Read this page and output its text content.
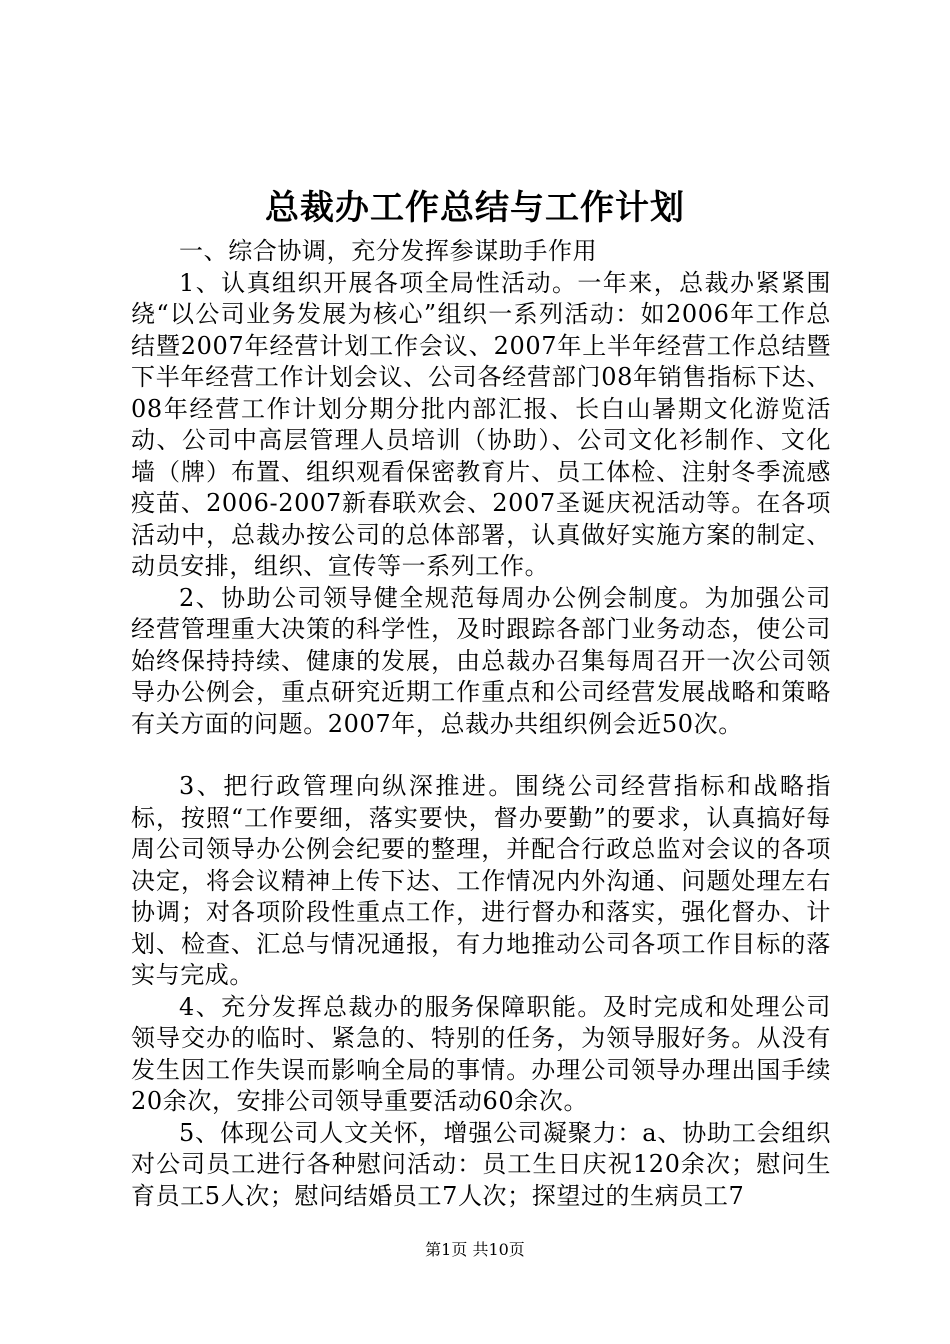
总裁办工作总结与工作计划

一、综合协调，充分发挥参谋助手作用

1、认真组织开展各项全局性活动。一年来，总裁办紧紧围绕“以公司业务发展为核心”组织一系列活动：如2006年工作总结暨2007年经营计划工作会议、2007年上半年经营工作总结暨下半年经营工作计划会议、公司各经营部门08年销售指标下达、08年经营工作计划分期分批内部汇报、长白山暑期文化游览活动、公司中高层管理人员培训（协助）、公司文化衫制作、文化墙（牌）布置、组织观看保密教育片、员工体检、注射冬季流感疫苗、2006-2007新春联欢会、2007圣诞庆祝活动等。在各项活动中，总裁办按公司的总体部署，认真做好实施方案的制定、动员安排，组织、宣传等一系列工作。

2、协助公司领导健全规范每周办公例会制度。为加强公司经营管理重大决策的科学性，及时跟踪各部门业务动态，使公司始终保持持续、健康的发展，由总裁办召集每周召开一次公司领导办公例会，重点研究近期工作重点和公司经营发展战略和策略有关方面的问题。2007年，总裁办共组织例会近50次。

3、把行政管理向纵深推进。围绕公司经营指标和战略指标，按照“工作要细，落实要快，督办要勤”的要求，认真搞好每周公司领导办公例会纪要的整理，并配合行政总监对会议的各项决定，将会议精神上传下达、工作情况内外沟通、问题处理左右协调；对各项阶段性重点工作，进行督办和落实，强化督办、计划、检查、汇总与情况通报，有力地推动公司各项工作目标的落实与完成。

4、充分发挥总裁办的服务保障职能。及时完成和处理公司领导交办的临时、紧急的、特别的任务，为领导服好务。从没有发生因工作失误而影响全局的事情。办理公司领导办理出国手续20余次，安排公司领导重要活动60余次。

5、体现公司人文关怀，增强公司凝聚力：a、协助工会组织对公司员工进行各种慰问活动：员工生日庆祝120余次；慰问生育员工5人次；慰问结婚员工7人次；探望过的生病员工7

第1页 共10页
